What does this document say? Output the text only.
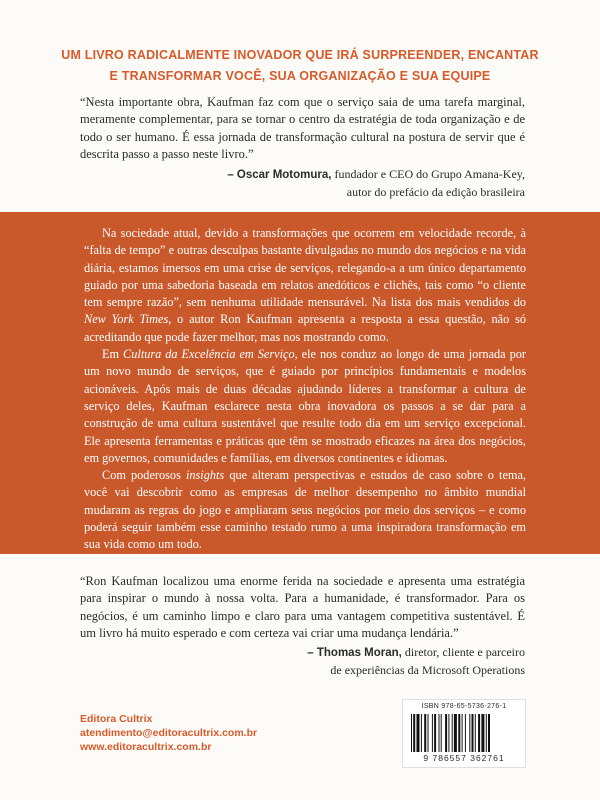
UM LIVRO RADICALMENTE INOVADOR QUE IRÁ SURPREENDER, ENCANTAR
E TRANSFORMAR VOCÊ, SUA ORGANIZAÇÃO E SUA EQUIPE
“Nesta importante obra, Kaufman faz com que o serviço saia de uma tarefa marginal, meramente complementar, para se tornar o centro da estratégia de toda organização e de todo o ser humano. É essa jornada de transformação cultural na postura de servir que é descrita passo a passo neste livro.”
– Oscar Motomura, fundador e CEO do Grupo Amana-Key,
autor do prefácio da edição brasileira

Na sociedade atual, devido a transformações que ocorrem em velocidade recorde, à “falta de tempo” e outras desculpas bastante divulgadas no mundo dos negócios e na vida diária, estamos imersos em uma crise de serviços, relegando-a a um único departamento guiado por uma sabedoria baseada em relatos anedóticos e clichês, tais como “o cliente tem sempre razão”, sem nenhuma utilidade mensurável. Na lista dos mais vendidos do New York Times, o autor Ron Kaufman apresenta a resposta a essa questão, não só acreditando que pode fazer melhor, mas nos mostrando como.

Em Cultura da Excelência em Serviço, ele nos conduz ao longo de uma jornada por um novo mundo de serviços, que é guiado por princípios fundamentais e modelos acionáveis. Após mais de duas décadas ajudando líderes a transformar a cultura de serviço deles, Kaufman esclarece nesta obra inovadora os passos a se dar para a construção de uma cultura sustentável que resulte todo dia em um serviço excepcional. Ele apresenta ferramentas e práticas que têm se mostrado eficazes na área dos negócios, em governos, comunidades e famílias, em diversos continentes e idiomas.

Com poderosos insights que alteram perspectivas e estudos de caso sobre o tema, você vai descobrir como as empresas de melhor desempenho no âmbito mundial mudaram as regras do jogo e ampliaram seus negócios por meio dos serviços – e como poderá seguir também esse caminho testado rumo a uma inspiradora transformação em sua vida como um todo.

“Ron Kaufman localizou uma enorme ferida na sociedade e apresenta uma estratégia para inspirar o mundo à nossa volta. Para a humanidade, é transformador. Para os negócios, é um caminho limpo e claro para uma vantagem competitiva sustentável. É um livro há muito esperado e com certeza vai criar uma mudança lendária.”
– Thomas Moran, diretor, cliente e parceiro
de experiências da Microsoft Operations
Editora Cultrix
atendimento@editoracultrix.com.br
www.editoracultrix.com.br
ISBN 978-65-5736-276-1
9 786557 362761
